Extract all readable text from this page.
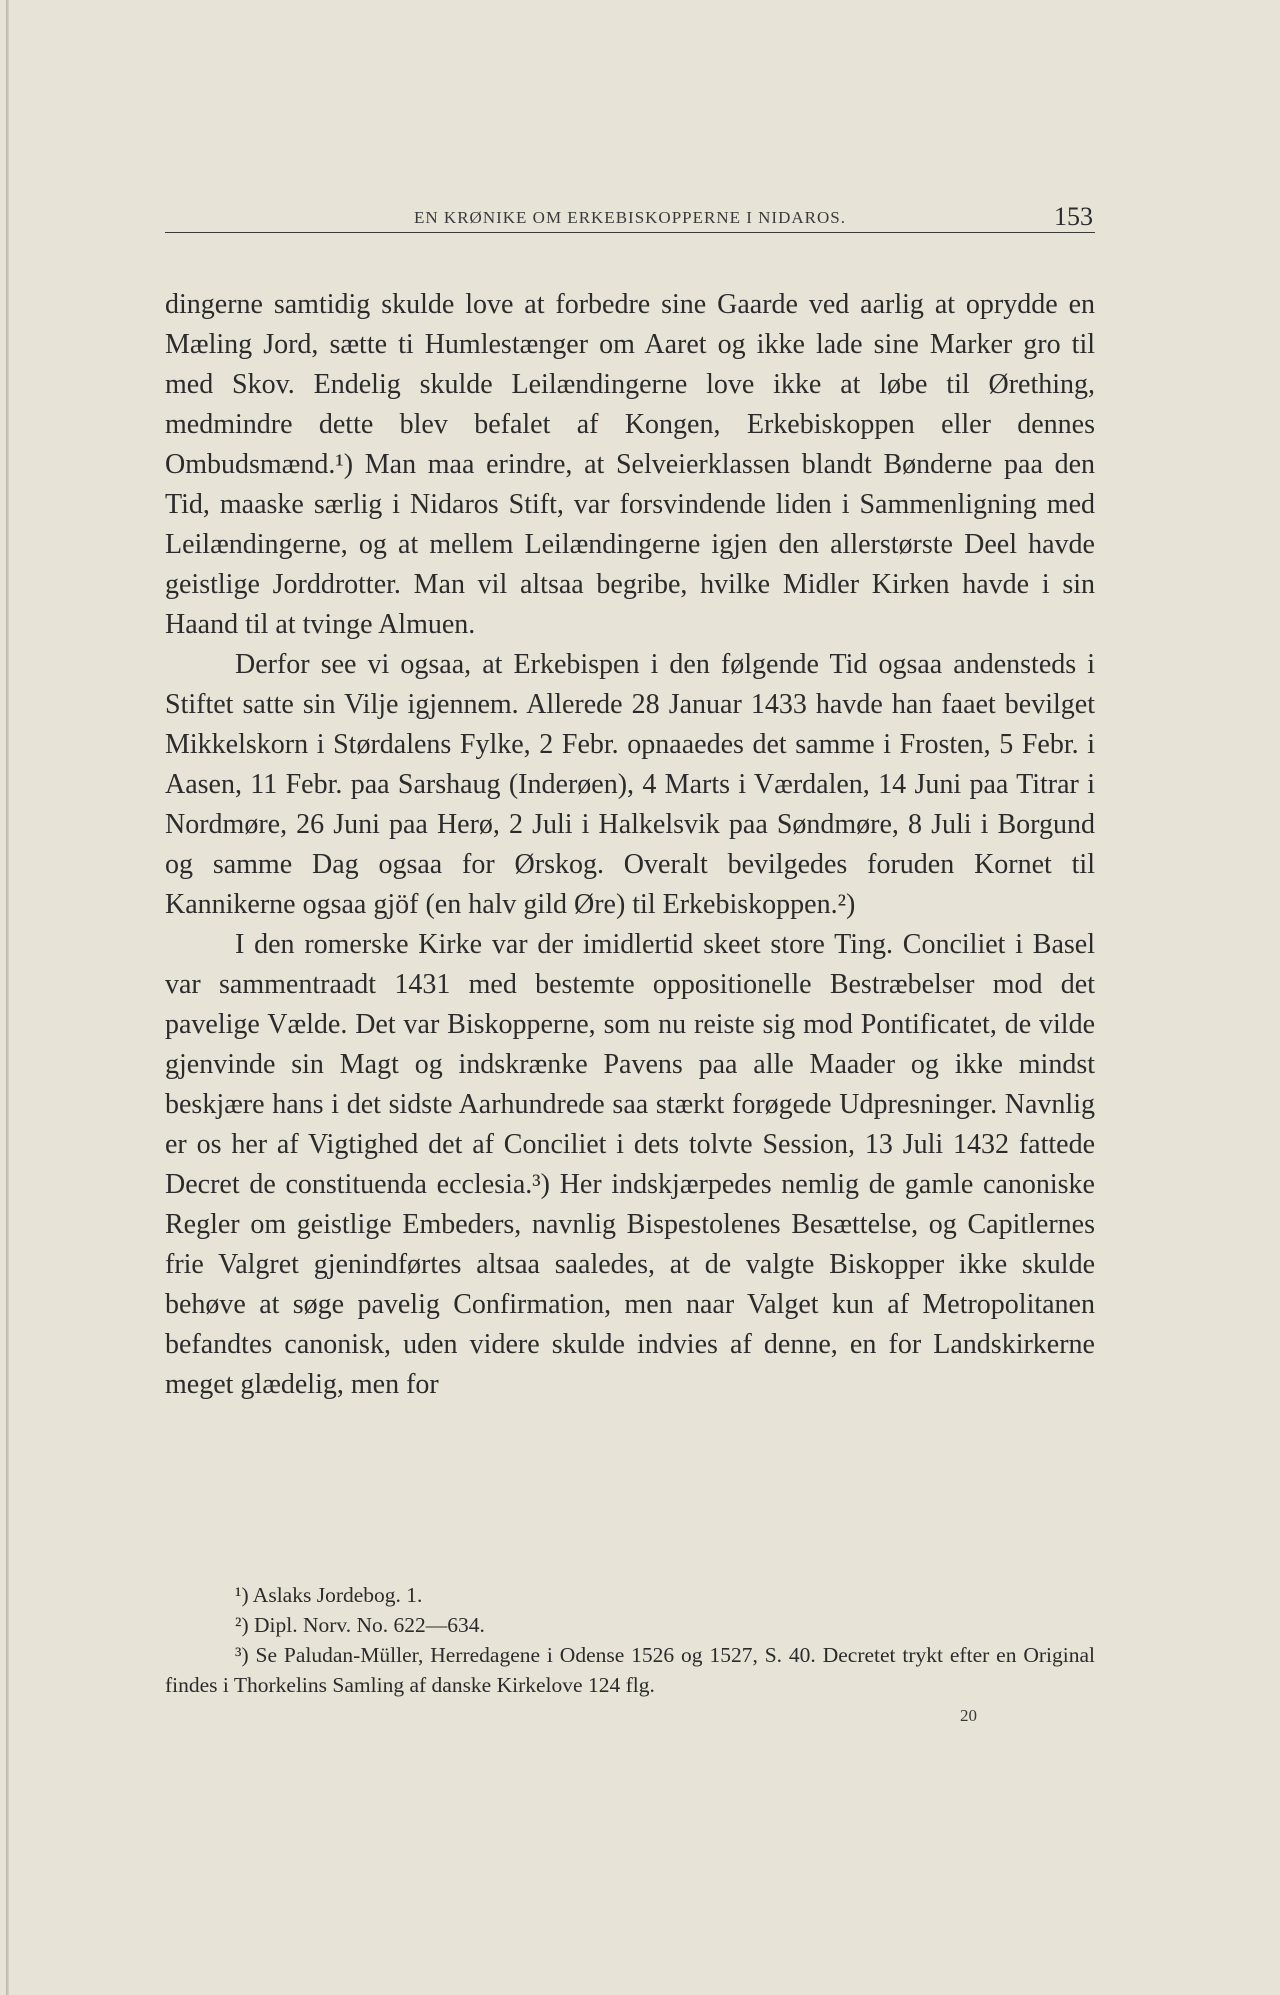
EN KRØNIKE OM ERKEBISKOPPERNE I NIDAROS.	153

dingerne samtidig skulde love at forbedre sine Gaarde ved aarlig at oprydde en Mæling Jord, sætte ti Humlestænger om Aaret og ikke lade sine Marker gro til med Skov. Endelig skulde Leilændingerne love ikke at løbe til Ørething, medmindre dette blev befalet af Kongen, Erkebiskoppen eller dennes Ombudsmænd.¹) Man maa erindre, at Selveierklassen blandt Bønderne paa den Tid, maaske særlig i Nidaros Stift, var forsvindende liden i Sammenligning med Leilændingerne, og at mellem Leilændingerne igjen den allerstørste Deel havde geistlige Jorddrotter. Man vil altsaa begribe, hvilke Midler Kirken havde i sin Haand til at tvinge Almuen.

Derfor see vi ogsaa, at Erkebispen i den følgende Tid ogsaa andensteds i Stiftet satte sin Vilje igjennem. Allerede 28 Januar 1433 havde han faaet bevilget Mikkelskorn i Størdalens Fylke, 2 Febr. opnaaedes det samme i Frosten, 5 Febr. i Aasen, 11 Febr. paa Sarshaug (Inderøen), 4 Marts i Værdalen, 14 Juni paa Titrar i Nordmøre, 26 Juni paa Herø, 2 Juli i Halkelsvik paa Søndmøre, 8 Juli i Borgund og samme Dag ogsaa for Ørskog. Overalt bevilgedes foruden Kornet til Kannikerne ogsaa gjöf (en halv gild Øre) til Erkebiskoppen.²)

I den romerske Kirke var der imidlertid skeet store Ting. Conciliet i Basel var sammentraadt 1431 med bestemte oppositionelle Bestræbelser mod det pavelige Vælde. Det var Biskopperne, som nu reiste sig mod Pontificatet, de vilde gjenvinde sin Magt og indskrænke Pavens paa alle Maader og ikke mindst beskjære hans i det sidste Aarhundrede saa stærkt forøgede Udpresninger. Navnlig er os her af Vigtighed det af Conciliet i dets tolvte Session, 13 Juli 1432 fattede Decret de constituenda ecclesia.³) Her indskjærpedes nemlig de gamle canoniske Regler om geistlige Embeders, navnlig Bispestolenes Besættelse, og Capitlernes frie Valgret gjenindførtes altsaa saaledes, at de valgte Biskopper ikke skulde behøve at søge pavelig Confirmation, men naar Valget kun af Metropolitanen befandtes canonisk, uden videre skulde indvies af denne, en for Landskirkerne meget glædelig, men for

¹) Aslaks Jordebog. 1.

²) Dipl. Norv. No. 622—634.

³) Se Paludan-Müller, Herredagene i Odense 1526 og 1527, S. 40. Decretet trykt efter en Original findes i Thorkelins Samling af danske Kirkelove 124 flg.

20
